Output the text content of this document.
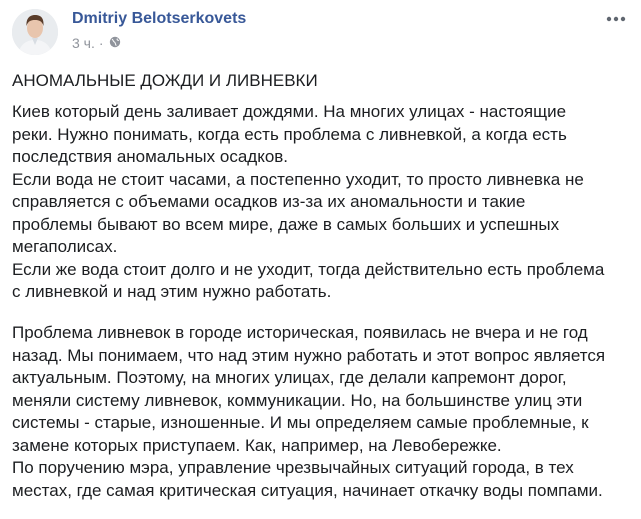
Dmitriy Belotserkovets
3 ч. ·
АНОМАЛЬНЫЕ ДОЖДИ И ЛИВНЕВКИ

Киев который день заливает дождями. На многих улицах - настоящие
реки. Нужно понимать, когда есть проблема с ливневкой, а когда есть
последствия аномальных осадков.
Если вода не стоит часами, а постепенно уходит, то просто ливневка не
справляется с объемами осадков из-за их аномальности и такие
проблемы бывают во всем мире, даже в самых больших и успешных
мегаполисах.
Если же вода стоит долго и не уходит, тогда действительно есть проблема
с ливневкой и над этим нужно работать.

Проблема ливневок в городе историческая, появилась не вчера и не год
назад. Мы понимаем, что над этим нужно работать и этот вопрос является
актуальным. Поэтому, на многих улицах, где делали капремонт дорог,
меняли систему ливневок, коммуникации. Но, на большинстве улиц эти
системы - старые, изношенные. И мы определяем самые проблемные, к
замене которых приступаем. Как, например, на Левобережке.
По поручению мэра, управление чрезвычайных ситуаций города, в тех
местах, где самая критическая ситуация, начинает откачку воды помпами.
